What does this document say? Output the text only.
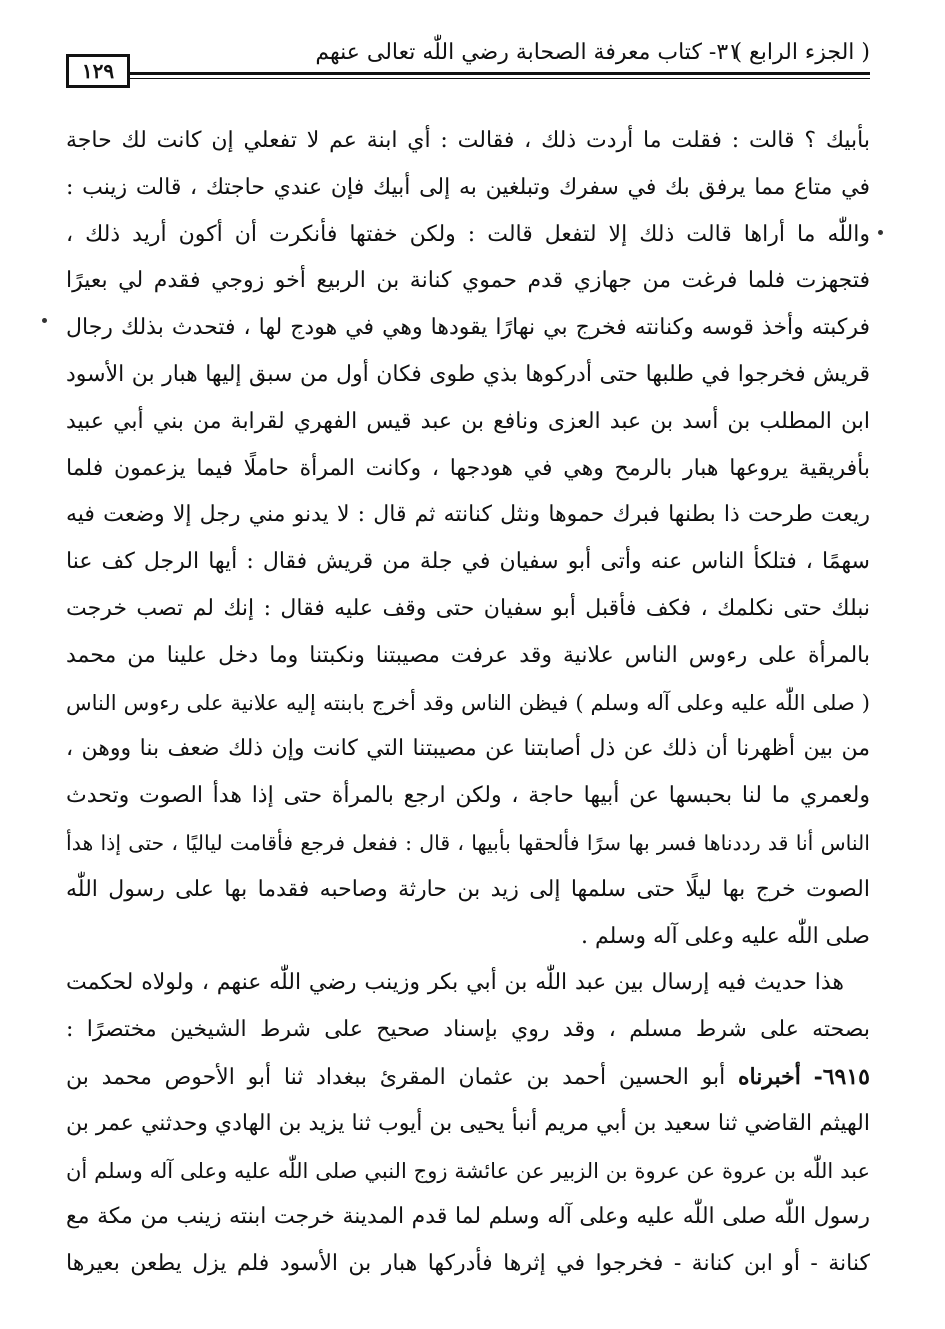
١٢٩
٣١- كتاب معرفة الصحابة رضي اللّٰه تعالى عنهم
( الجزء الرابع )
بأبيك ؟ قالت : فقلت ما أردت ذلك ، فقالت : أي ابنة عم لا تفعلي إن كانت لك حاجة
في متاع مما يرفق بك في سفرك وتبلغين به إلى أبيك فإن عندي حاجتك ، قالت زينب :
واللّٰه ما أراها قالت ذلك إلا لتفعل قالت : ولكن خفتها فأنكرت أن أكون أريد ذلك ،
فتجهزت فلما فرغت من جهازي قدم حموي كنانة بن الربيع أخو زوجي فقدم لي بعيرًا
فركبته وأخذ قوسه وكنانته فخرج بي نهارًا يقودها وهي في هودج لها ، فتحدث بذلك رجال
قريش فخرجوا في طلبها حتى أدركوها بذي طوى فكان أول من سبق إليها هبار بن الأسود
ابن المطلب بن أسد بن عبد العزى ونافع بن عبد قيس الفهري لقرابة من بني أبي عبيد
بأفريقية يروعها هبار بالرمح وهي في هودجها ، وكانت المرأة حاملًا فيما يزعمون فلما
ريعت طرحت ذا بطنها فبرك حموها ونثل كنانته ثم قال : لا يدنو مني رجل إلا وضعت فيه
سهمًا ، فتلكأ الناس عنه وأتى أبو سفيان في جلة من قريش فقال : أيها الرجل كف عنا
نبلك حتى نكلمك ، فكف فأقبل أبو سفيان حتى وقف عليه فقال : إنك لم تصب خرجت
بالمرأة على رءوس الناس علانية وقد عرفت مصيبتنا ونكبتنا وما دخل علينا من محمد
( صلى اللّٰه عليه وعلى آله وسلم ) فيظن الناس وقد أخرج بابنته إليه علانية على رءوس الناس
من بين أظهرنا أن ذلك عن ذل أصابتنا عن مصيبتنا التي كانت وإن ذلك ضعف بنا ووهن ،
ولعمري ما لنا بحبسها عن أبيها حاجة ، ولكن ارجع بالمرأة حتى إذا هدأ الصوت وتحدث
الناس أنا قد رددناها فسر بها سرًا فألحقها بأبيها ، قال : ففعل فرجع فأقامت لياليًا ، حتى إذا هدأ
الصوت خرج بها ليلًا حتى سلمها إلى زيد بن حارثة وصاحبه فقدما بها على رسول اللّٰه
صلى اللّٰه عليه وعلى آله وسلم .
هذا حديث فيه إرسال بين عبد اللّٰه بن أبي بكر وزينب رضي اللّٰه عنهم ، ولولاه لحكمت
بصحته على شرط مسلم ، وقد روي بإسناد صحيح على شرط الشيخين مختصرًا :
٦٩١٥- أخبرناه أبو الحسين أحمد بن عثمان المقرئ ببغداد ثنا أبو الأحوص محمد بن
الهيثم القاضي ثنا سعيد بن أبي مريم أنبأ يحيى بن أيوب ثنا يزيد بن الهادي وحدثني عمر بن
عبد اللّٰه بن عروة عن عروة بن الزبير عن عائشة زوج النبي صلى اللّٰه عليه وعلى آله وسلم أن
رسول اللّٰه صلى اللّٰه عليه وعلى آله وسلم لما قدم المدينة خرجت ابنته زينب من مكة مع
كنانة - أو ابن كنانة - فخرجوا في إثرها فأدركها هبار بن الأسود فلم يزل يطعن بعيرها
